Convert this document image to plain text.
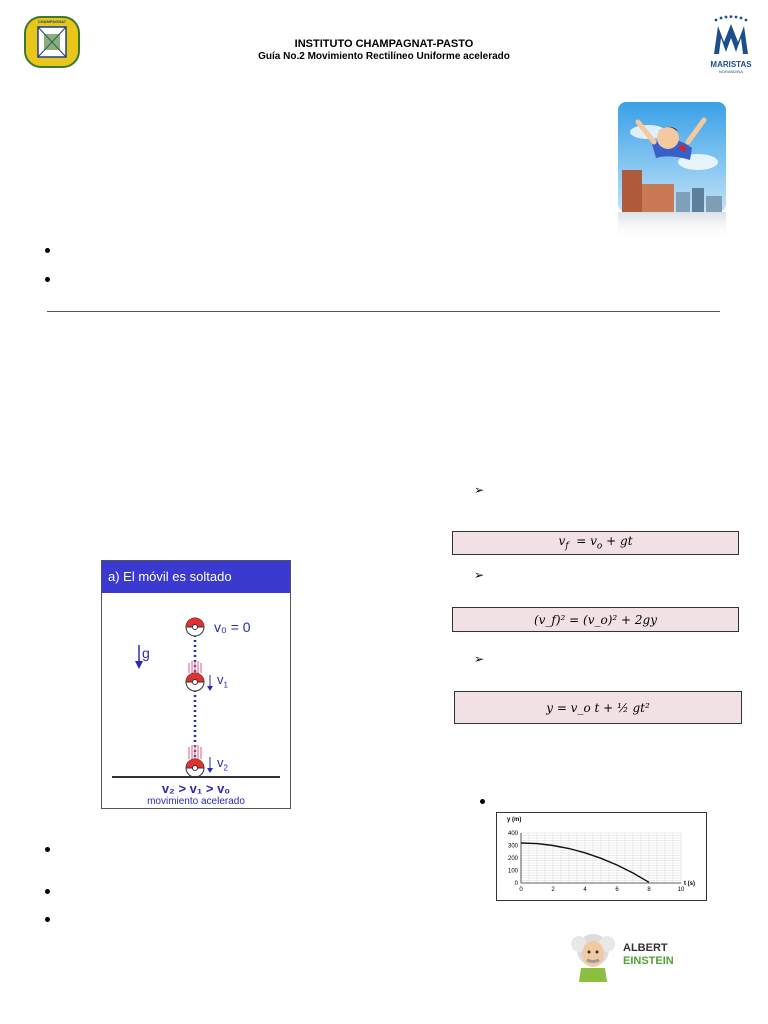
CHAMPAGNAT
INSTITUTO CHAMPAGNAT-PASTO
Guía No.2 Movimiento Rectilíneo Uniforme acelerado
MARISTAS
NORANDINA
➢
$v_f = v_o$ + gt
➢
(v_f)² = (v_o)² + 2gy
➢
y = v_o t + ½ gt²
a) El móvil es soltado
v₀ = 0
g
$v_1$
$v_2$
v₂ > v₁ > v₀
movimiento acelerado
0	2	4	6	8	10
0
100
200
300
400
y (m)
t (s)
ALBERT
EINSTEIN
